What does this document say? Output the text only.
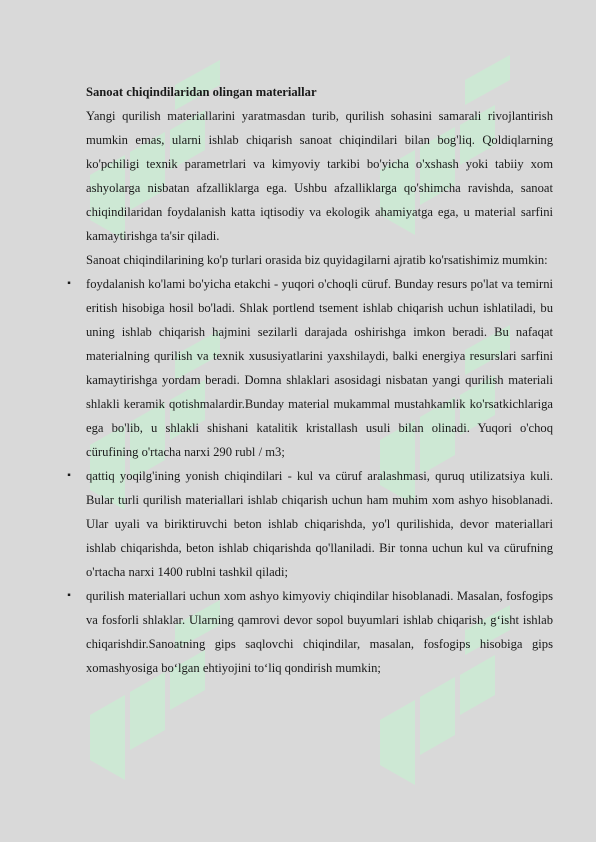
Sanoat chiqindilaridan olingan materiallar

Yangi qurilish materiallarini yaratmasdan turib, qurilish sohasini samarali rivojlantirish mumkin emas, ularni ishlab chiqarish sanoat chiqindilari bilan bog'liq. Qoldiqlarning ko'pchiligi texnik parametrlari va kimyoviy tarkibi bo'yicha o'xshash yoki tabiiy xom ashyolarga nisbatan afzalliklarga ega. Ushbu afzalliklarga qo'shimcha ravishda, sanoat chiqindilaridan foydalanish katta iqtisodiy va ekologik ahamiyatga ega, u material sarfini kamaytirishga ta'sir qiladi.

Sanoat chiqindilarining ko'p turlari orasida biz quyidagilarni ajratib ko'rsatishimiz mumkin:

▪ foydalanish ko'lami bo'yicha etakchi - yuqori o'choqli cüruf. Bunday resurs po'lat va temirni eritish hisobiga hosil bo'ladi. Shlak portlend tsement ishlab chiqarish uchun ishlatiladi, bu uning ishlab chiqarish hajmini sezilarli darajada oshirishga imkon beradi. Bu nafaqat materialning qurilish va texnik xususiyatlarini yaxshilaydi, balki energiya resurslari sarfini kamaytirishga yordam beradi. Domna shlaklari asosidagi nisbatan yangi qurilish materiali shlakli keramik qotishmalardir.Bunday material mukammal mustahkamlik ko'rsatkichlariga ega bo'lib, u shlakli shishani katalitik kristallash usuli bilan olinadi. Yuqori o'choq cürufining o'rtacha narxi 290 rubl / m3;
▪ qattiq yoqilg'ining yonish chiqindilari - kul va cüruf aralashmasi, quruq utilizatsiya kuli. Bular turli qurilish materiallari ishlab chiqarish uchun ham muhim xom ashyo hisoblanadi. Ular uyali va biriktiruvchi beton ishlab chiqarishda, yo'l qurilishida, devor materiallari ishlab chiqarishda, beton ishlab chiqarishda qo'llaniladi. Bir tonna uchun kul va cürufning o'rtacha narxi 1400 rublni tashkil qiladi;
▪ qurilish materiallari uchun xom ashyo kimyoviy chiqindilar hisoblanadi. Masalan, fosfogips va fosforli shlaklar. Ularning qamrovi devor sopol buyumlari ishlab chiqarish, g‘isht ishlab chiqarishdir.Sanoatning gips saqlovchi chiqindilar, masalan, fosfogips hisobiga gips xomashyosiga bo‘lgan ehtiyojini to‘liq qondirish mumkin;
